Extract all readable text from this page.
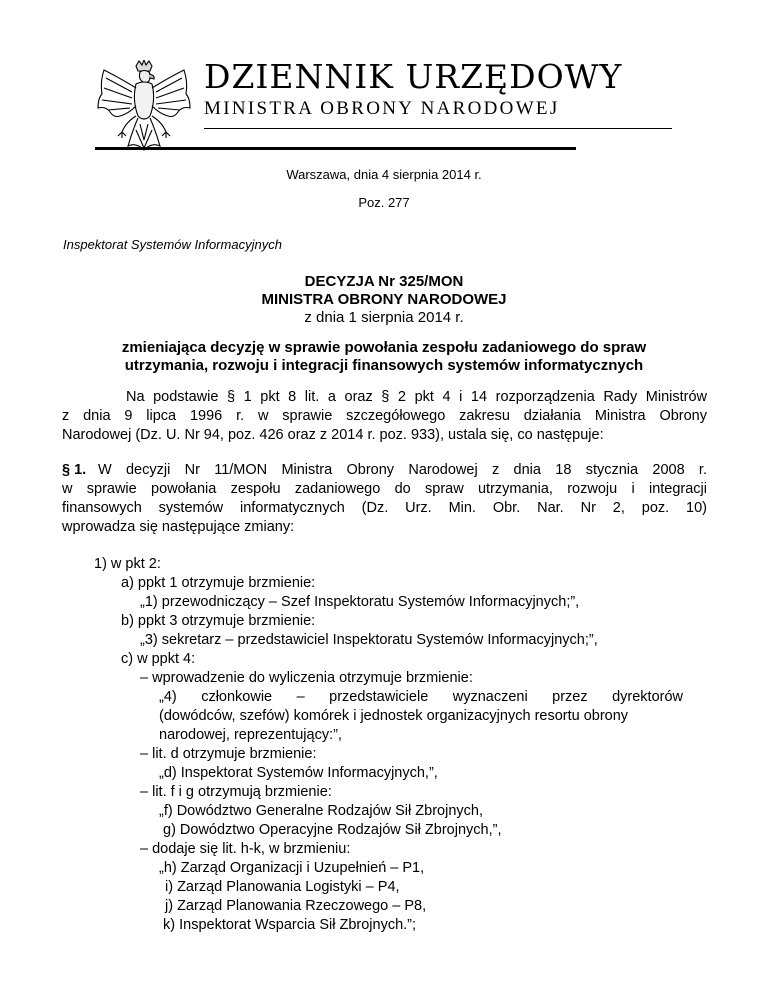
DZIENNIK URZĘDOWY
MINISTRA OBRONY NARODOWEJ
Warszawa, dnia 4 sierpnia 2014 r.
Poz. 277
Inspektorat Systemów Informacyjnych
DECYZJA Nr 325/MON
MINISTRA OBRONY NARODOWEJ
z dnia 1 sierpnia 2014 r.
zmieniająca decyzję w sprawie powołania zespołu zadaniowego do spraw
utrzymania, rozwoju i integracji finansowych systemów informatycznych
Na podstawie § 1 pkt 8 lit. a oraz § 2 pkt 4 i 14 rozporządzenia Rady Ministrów
z dnia 9 lipca 1996 r. w sprawie szczegółowego zakresu działania Ministra Obrony
Narodowej (Dz. U. Nr 94, poz. 426 oraz z 2014 r. poz. 933), ustala się, co następuje:
§ 1. W decyzji Nr 11/MON Ministra Obrony Narodowej z dnia 18 stycznia 2008 r.
w sprawie powołania zespołu zadaniowego do spraw utrzymania, rozwoju i integracji
finansowych systemów informatycznych (Dz. Urz. Min. Obr. Nar. Nr 2, poz. 10)
wprowadza się następujące zmiany:
1) w pkt 2:
a) ppkt 1 otrzymuje brzmienie:
„1) przewodniczący – Szef Inspektoratu Systemów Informacyjnych;”,
b) ppkt 3 otrzymuje brzmienie:
„3) sekretarz – przedstawiciel Inspektoratu Systemów Informacyjnych;”,
c) w ppkt 4:
– wprowadzenie do wyliczenia otrzymuje brzmienie:
„4) członkowie – przedstawiciele wyznaczeni przez dyrektorów
(dowódców, szefów) komórek i jednostek organizacyjnych resortu obrony
narodowej, reprezentujący:”,
– lit. d otrzymuje brzmienie:
„d) Inspektorat Systemów Informacyjnych,”,
– lit. f i g otrzymują brzmienie:
„f) Dowództwo Generalne Rodzajów Sił Zbrojnych,
g) Dowództwo Operacyjne Rodzajów Sił Zbrojnych,”,
– dodaje się lit. h-k, w brzmieniu:
„h) Zarząd Organizacji i Uzupełnień – P1,
i) Zarząd Planowania Logistyki – P4,
j) Zarząd Planowania Rzeczowego – P8,
k) Inspektorat Wsparcia Sił Zbrojnych.”;
